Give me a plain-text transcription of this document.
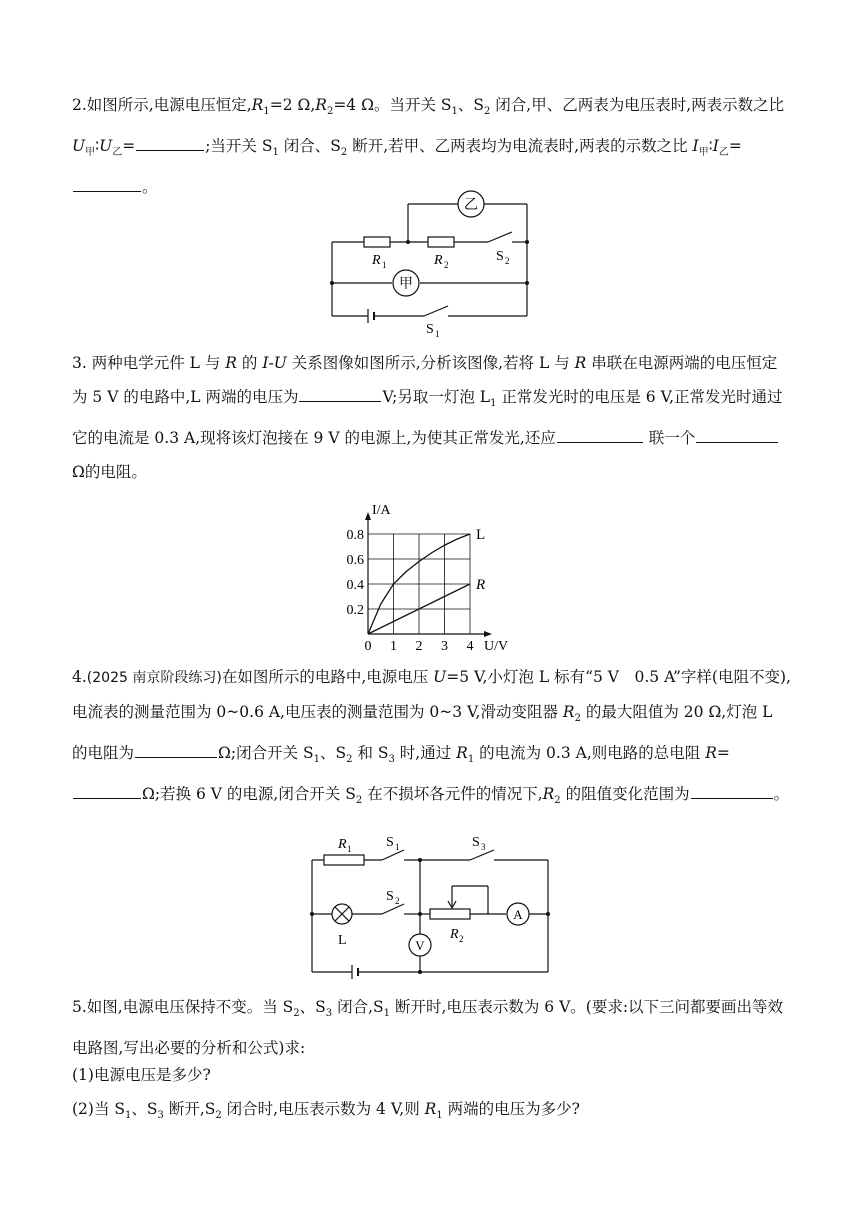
2.如图所示,电源电压恒定$,R_1=2$ $\Omega,R_2=4$ Ω。当开关 $S_1$、$S_2$ 闭合,甲、乙两表为电压表时,两表示数之比 $U_甲∶U_乙=$	;当开关 $S_1$ 闭合、$S_2$ 断开,若甲、乙两表均为电流表时,两表的示数之比 $I_甲∶I_乙=$。
乙
甲
R 1	R 2
S 2
S 1
3. 两种电学元件 L 与 R 的 I-U 关系图像如图所示,分析该图像,若将 L 与 R 串联在电源两端的电压恒定为 5 V 的电路中,L 两端的电压为	V;另取一灯泡 $L_1$ 正常发光时的电压是 6 V,正常发光时通过它的电流是 0.3 A,现将该灯泡接在 9 V 的电源上,为使其正常发光,还应	联一个 Ω的电阻。
0 1 2 3 4
0.2
0.4
0.6
0.8
I/A
U/V
L
R
4.(2025 南京阶段练习)在如图所示的电路中,电源电压 U=5 V,小灯泡 L 标有“5 V　0.5 A”字样(电阻不变),电流表的测量范围为 0~0.6 A,电压表的测量范围为 0~3 V,滑动变阻器 $R_2$ 的最大阻值为 20 Ω,灯泡 L 的电阻为	Ω;闭合开关 $S_1$、$S_2$ 和 $S_3$ 时,通过 $R_1$ 的电流为 0.3 A,则电路的总电阻 R=Ω;若换 6 V 的电源,闭合开关 $S_2$ 在不损坏各元件的情况下$,R_2$ 的阻值变化范围为	。
R 1 S 1	S 3
S 2
L	R 2
V
A
5.如图,电源电压保持不变。当 $S_2$、$S_3$ 闭合$,S_1$ 断开时,电压表示数为 6 V。(要求:以下三问都要画出等效电路图,写出必要的分析和公式)求:
(1)电源电压是多少?
(2)当 $S_1$、$S_3$ 断开$,S_2$ 闭合时,电压表示数为 4 V,则 $R_1$ 两端的电压为多少?
